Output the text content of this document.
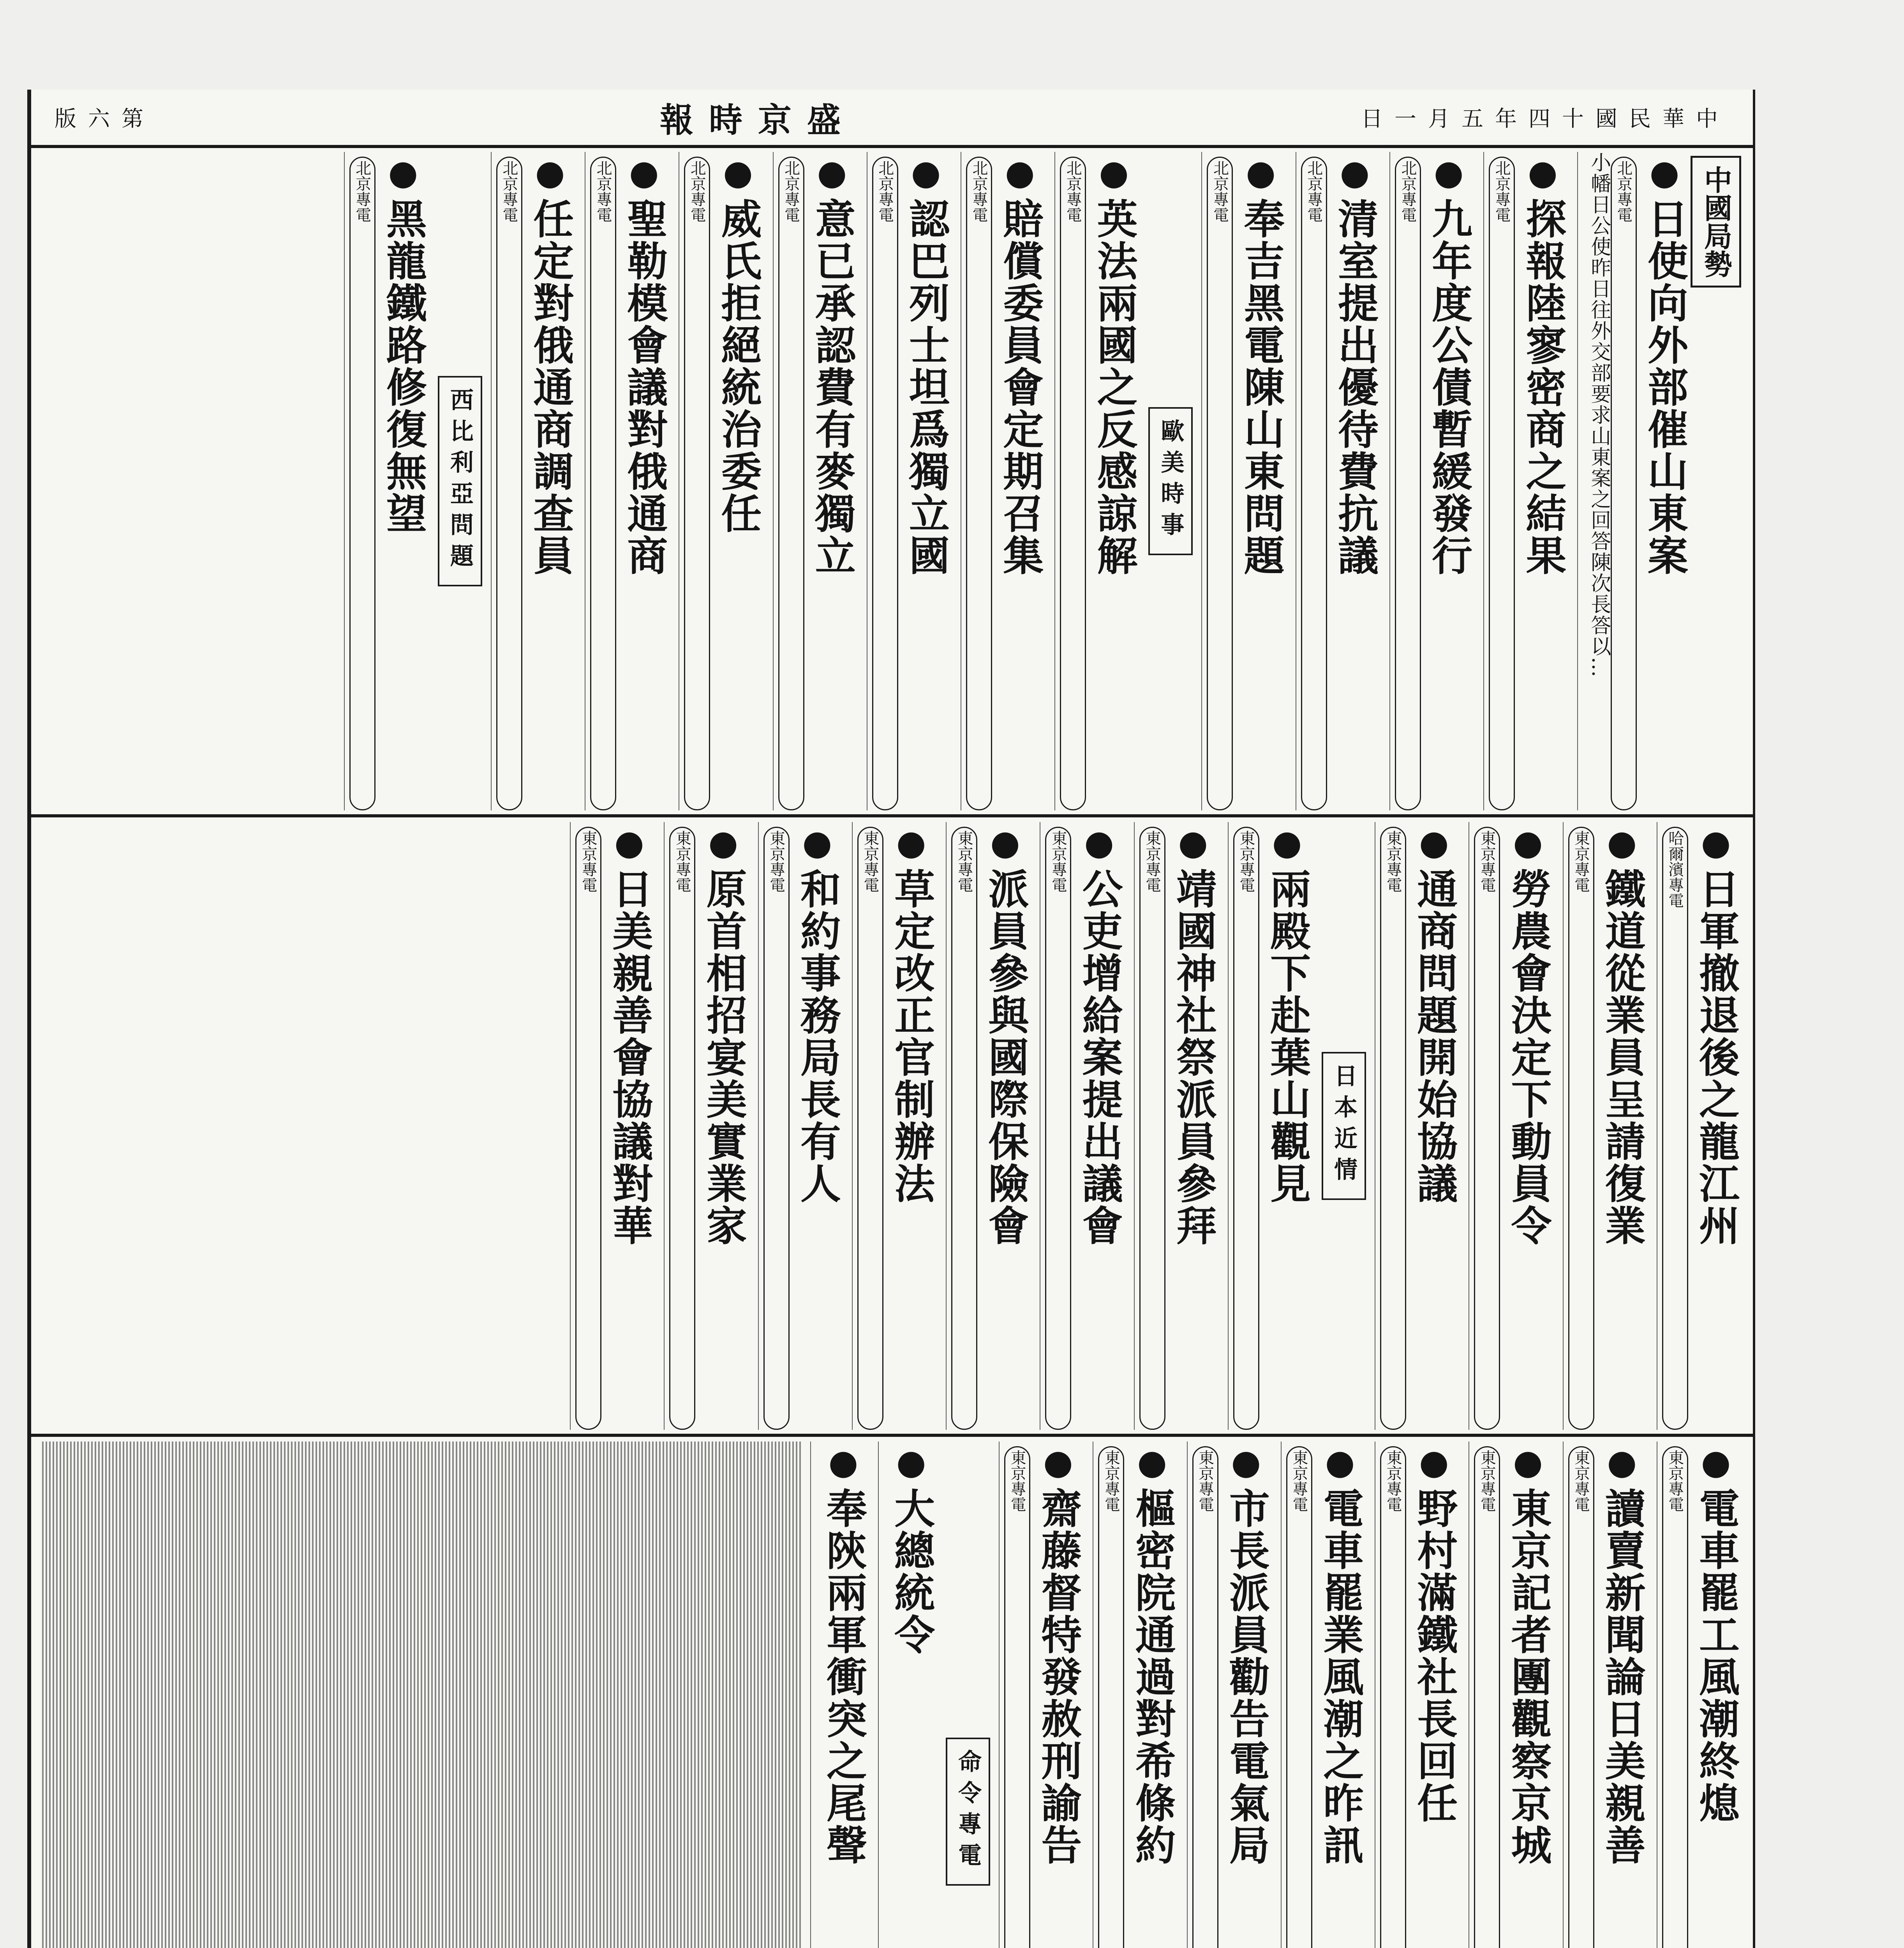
版六第	報時京盛	日一月五年四十國民華中
中國局勢
● 日使向外部催山東案
北京專電
小幡日公使昨日往外交部要求山東案之回答陳次長答以…
● 探報陸寥密商之結果
北京專電
● 九年度公債暫緩發行
北京專電
● 清室提出優待費抗議
北京專電
● 奉吉黑電陳山東問題
北京專電
歐美時事
● 英法兩國之反感諒解
北京專電
● 賠償委員會定期召集
北京專電
● 認巴列士坦爲獨立國
北京專電
● 意已承認費有麥獨立
北京專電
● 威氏拒絕統治委任
北京專電
● 聖勒模會議對俄通商
北京專電
● 任定對俄通商調查員
北京專電
西比利亞問題
● 黑龍鐵路修復無望
北京專電
● 日軍撤退後之龍江州
哈爾濱專電
● 鐵道從業員呈請復業
東京專電
● 勞農會決定下動員令
東京專電
● 通商問題開始協議
東京專電
日本近情
● 兩殿下赴葉山觀見
東京專電
● 靖國神社祭派員參拜
東京專電
● 公吏增給案提出議會
東京專電
● 派員參與國際保險會
東京專電
● 草定改正官制辦法
東京專電
● 和約事務局長有人
東京專電
● 原首相招宴美實業家
東京專電
● 日美親善會協議對華
東京專電
● 電車罷工風潮終熄
東京專電
● 讀賣新聞論日美親善
東京專電
● 東京記者團觀察京城
東京專電
● 野村滿鐵社長回任
東京專電
● 電車罷業風潮之昨訊
東京專電
● 市長派員勸告電氣局
東京專電
● 樞密院通過對希條約
東京專電
● 齋藤督特發赦刑諭告
東京專電
命令專電
● 大總統令
● 奉陝兩軍衝突之尾聲
